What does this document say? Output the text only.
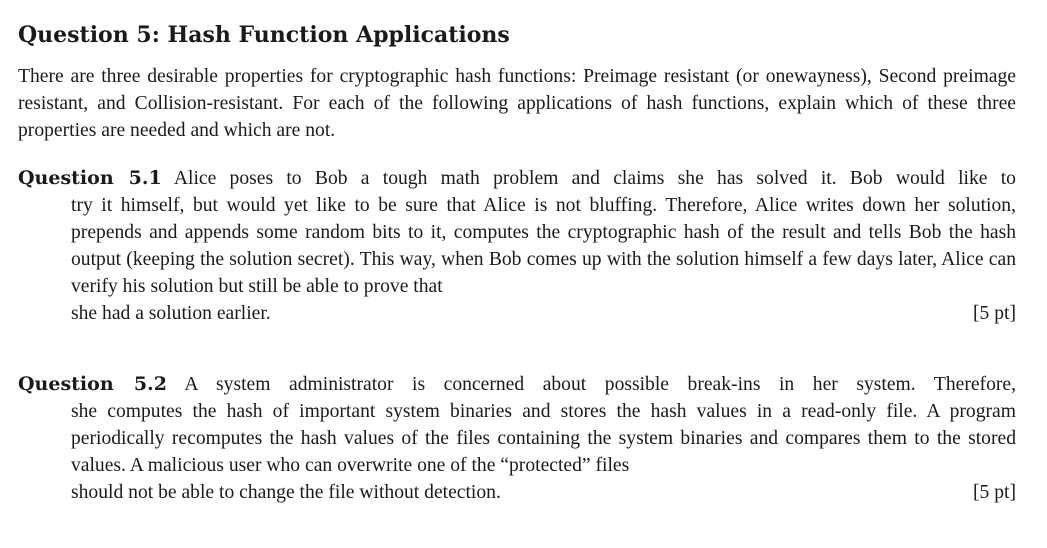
Question 5: Hash Function Applications

There are three desirable properties for cryptographic hash functions: Preimage resistant (or onewayness), Second preimage resistant, and Collision-resistant. For each of the following applications of hash functions, explain which of these three properties are needed and which are not.

Question 5.1 Alice poses to Bob a tough math problem and claims she has solved it. Bob would like to
try it himself, but would yet like to be sure that Alice is not bluffing. Therefore, Alice writes down her solution, prepends and appends some random bits to it, computes the cryptographic hash of the result and tells Bob the hash output (keeping the solution secret). This way, when Bob comes up with the solution himself a few days later, Alice can verify his solution but still be able to prove that
she had a solution earlier.	[5 pt]
Question 5.2 A system administrator is concerned about possible break-ins in her system. Therefore,
she computes the hash of important system binaries and stores the hash values in a read-only file. A program periodically recomputes the hash values of the files containing the system binaries and compares them to the stored values. A malicious user who can overwrite one of the “protected” files
should not be able to change the file without detection.	[5 pt]
